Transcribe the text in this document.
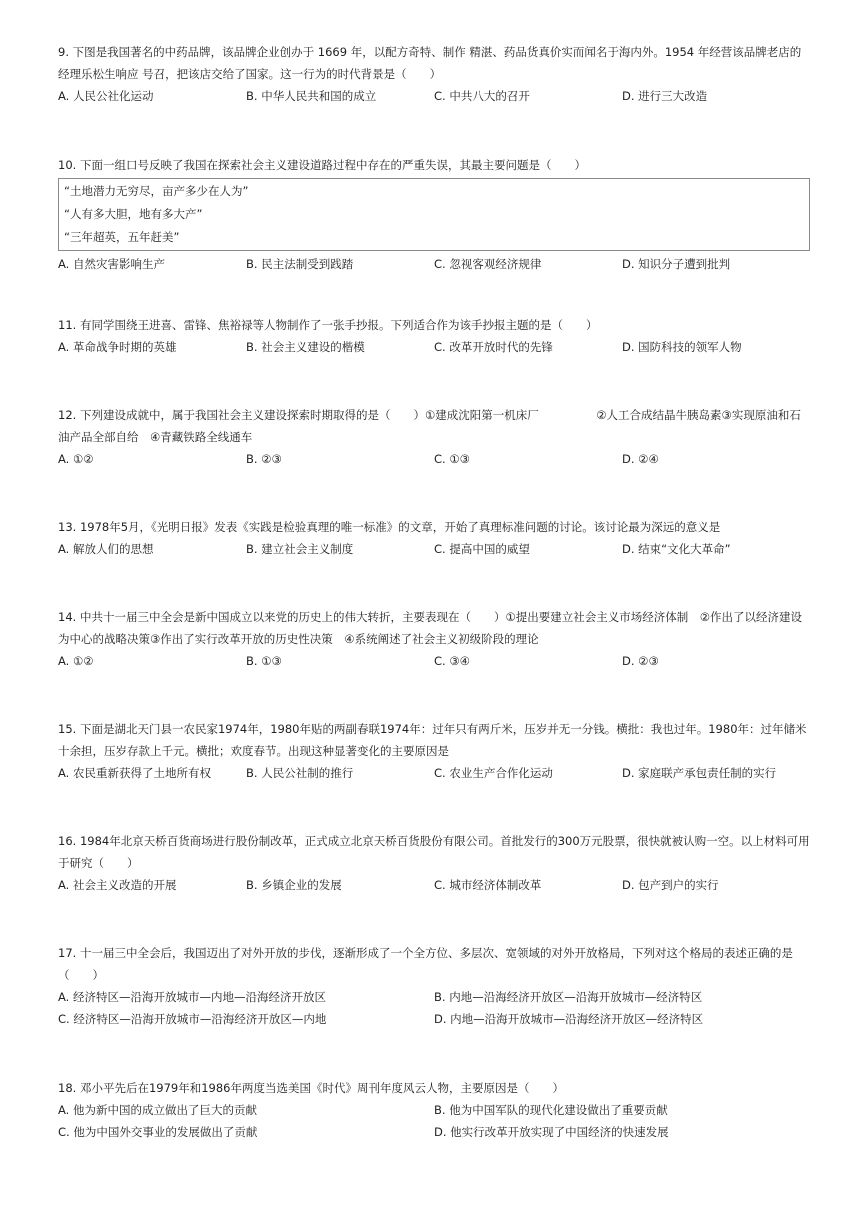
9. 下图是我国著名的中药品牌，该品牌企业创办于 1669 年，以配方奇特、制作 精湛、药品货真价实而闻名于海内外。1954 年经营该品牌老店的经理乐松生响应 号召，把该店交给了国家。这一行为的时代背景是（　　）

A. 人民公社化运动	B. 中华人民共和国的成立	C. 中共八大的召开	D. 进行三大改造

10. 下面一组口号反映了我国在探索社会主义建设道路过程中存在的严重失误，其最主要问题是（　　）

“土地潜力无穷尽，亩产多少在人为”
“人有多大胆，地有多大产”
“三年超英，五年赶美”
A. 自然灾害影响生产	B. 民主法制受到践踏	C. 忽视客观经济规律	D. 知识分子遭到批判

11. 有同学围绕王进喜、雷锋、焦裕禄等人物制作了一张手抄报。下列适合作为该手抄报主题的是（　　）

A. 革命战争时期的英雄	B. 社会主义建设的楷模	C. 改革开放时代的先锋	D. 国防科技的领军人物

12. 下列建设成就中，属于我国社会主义建设探索时期取得的是（　　）①建成沈阳第一机床厂　　　　　②人工合成结晶牛胰岛素③实现原油和石油产品全部自给　④青藏铁路全线通车

A. ①②	B. ②③	C. ①③	D. ②④

13. 1978年5月，《光明日报》发表《实践是检验真理的唯一标准》的文章，开始了真理标准问题的讨论。该讨论最为深远的意义是

A. 解放人们的思想	B. 建立社会主义制度	C. 提高中国的威望	D. 结束“文化大革命”

14. 中共十一届三中全会是新中国成立以来党的历史上的伟大转折，主要表现在（　　）①提出要建立社会主义市场经济体制　②作出了以经济建设为中心的战略决策③作出了实行改革开放的历史性决策　④系统阐述了社会主义初级阶段的理论

A. ①②	B. ①③	C. ③④	D. ②③

15. 下面是湖北天门县一农民家1974年，1980年贴的两副春联1974年：过年只有两斤米，压岁并无一分钱。横批：我也过年。1980年：过年储米十余担，压岁存款上千元。横批；欢度春节。出现这种显著变化的主要原因是

A. 农民重新获得了土地所有权	B. 人民公社制的推行	C. 农业生产合作化运动	D. 家庭联产承包责任制的实行

16. 1984年北京天桥百货商场进行股份制改革，正式成立北京天桥百货股份有限公司。首批发行的300万元股票，很快就被认购一空。以上材料可用于研究（　　）

A. 社会主义改造的开展	B. 乡镇企业的发展	C. 城市经济体制改革	D. 包产到户的实行

17. 十一届三中全会后，我国迈出了对外开放的步伐，逐渐形成了一个全方位、多层次、宽领域的对外开放格局，下列对这个格局的表述正确的是（　　）

A. 经济特区—沿海开放城市—内地—沿海经济开放区	B. 内地—沿海经济开放区—沿海开放城市—经济特区
C. 经济特区—沿海开放城市—沿海经济开放区—内地	D. 内地—沿海开放城市—沿海经济开放区—经济特区

18. 邓小平先后在1979年和1986年两度当选美国《时代》周刊年度风云人物，主要原因是（　　）

A. 他为新中国的成立做出了巨大的贡献	B. 他为中国军队的现代化建设做出了重要贡献
C. 他为中国外交事业的发展做出了贡献	D. 他实行改革开放实现了中国经济的快速发展
